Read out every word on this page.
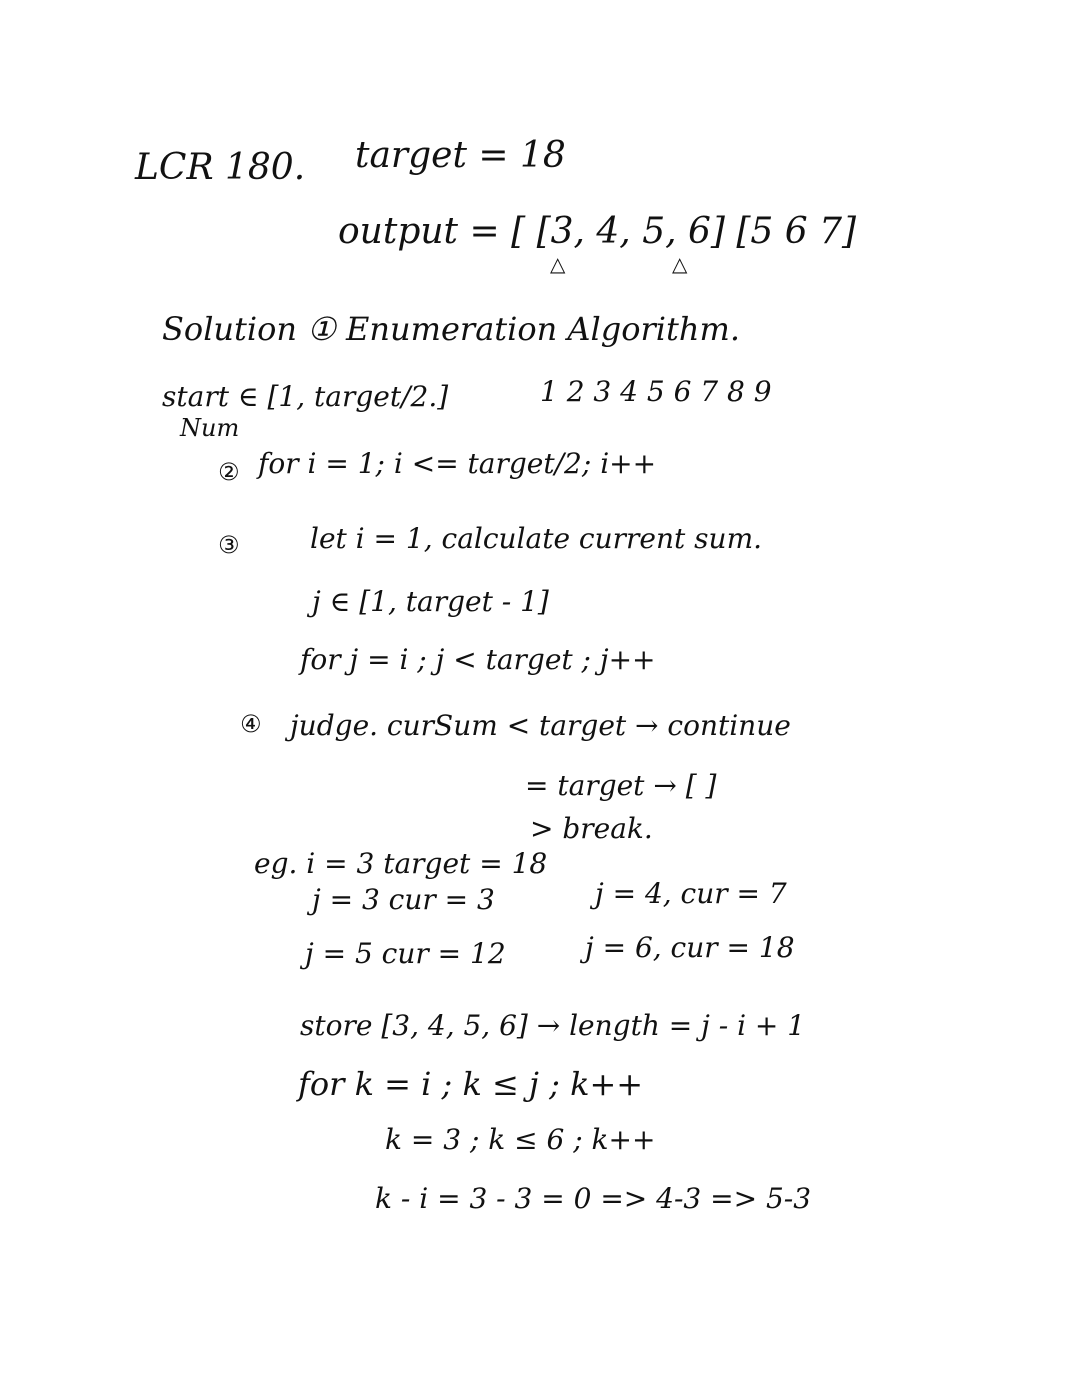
LCR 180. target = 18
output = [ [3, 4, 5, 6] [5 6 7]
△	△
Solution ① Enumeration Algorithm.
start ∈ [1, target/2.]	1 2 3 4 5 6 7 8 9
Num
② for i = 1; i <= target/2; i++
③	let i = 1, calculate current sum.
j ∈ [1, target - 1]
for j = i ; j < target ; j++
④ judge. curSum < target → continue
= target → [ ]
> break.
eg. i = 3 target = 18
j = 3 cur = 3	j = 4, cur = 7
j = 5 cur = 12	j = 6, cur = 18
store [3, 4, 5, 6] → length = j - i + 1
for k = i ; k ≤ j ; k++
k = 3 ; k ≤ 6 ; k++
k - i = 3 - 3 = 0 => 4-3 => 5-3
